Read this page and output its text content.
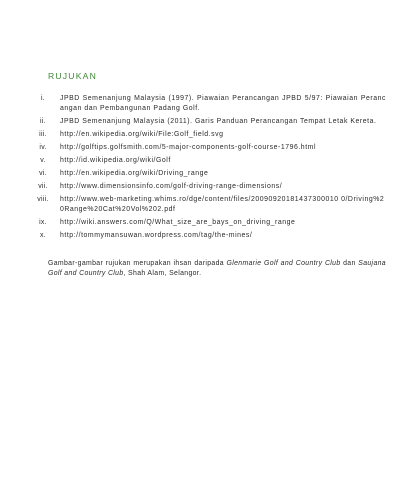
RUJUKAN
i.	JPBD Semenanjung Malaysia (1997). Piawaian Perancangan JPBD 5/97: Piawaian Perancangan dan Pembangunan Padang Golf.
ii.	JPBD Semenanjung Malaysia (2011). Garis Panduan Perancangan Tempat Letak Kereta.
iii.	http://en.wikipedia.org/wiki/File:Golf_field.svg
iv.	http://golftips.golfsmith.com/5-major-components-golf-course-1796.html
v.	http://id.wikipedia.org/wiki/Golf
vi.	http://en.wikipedia.org/wiki/Driving_range
vii.	http://www.dimensionsinfo.com/golf-driving-range-dimensions/
viii.	http://www.web-marketing.whims.ro/dge/content/files/20090920181437300010 0/Driving%20Range%20Cat%20Vol%202.pdf
ix.	http://wiki.answers.com/Q/What_size_are_bays_on_driving_range
x.	http://tommymansuwan.wordpress.com/tag/the-mines/

Gambar-gambar rujukan merupakan ihsan daripada Glenmarie Golf and Country Club dan Saujana Golf and Country Club, Shah Alam, Selangor.
